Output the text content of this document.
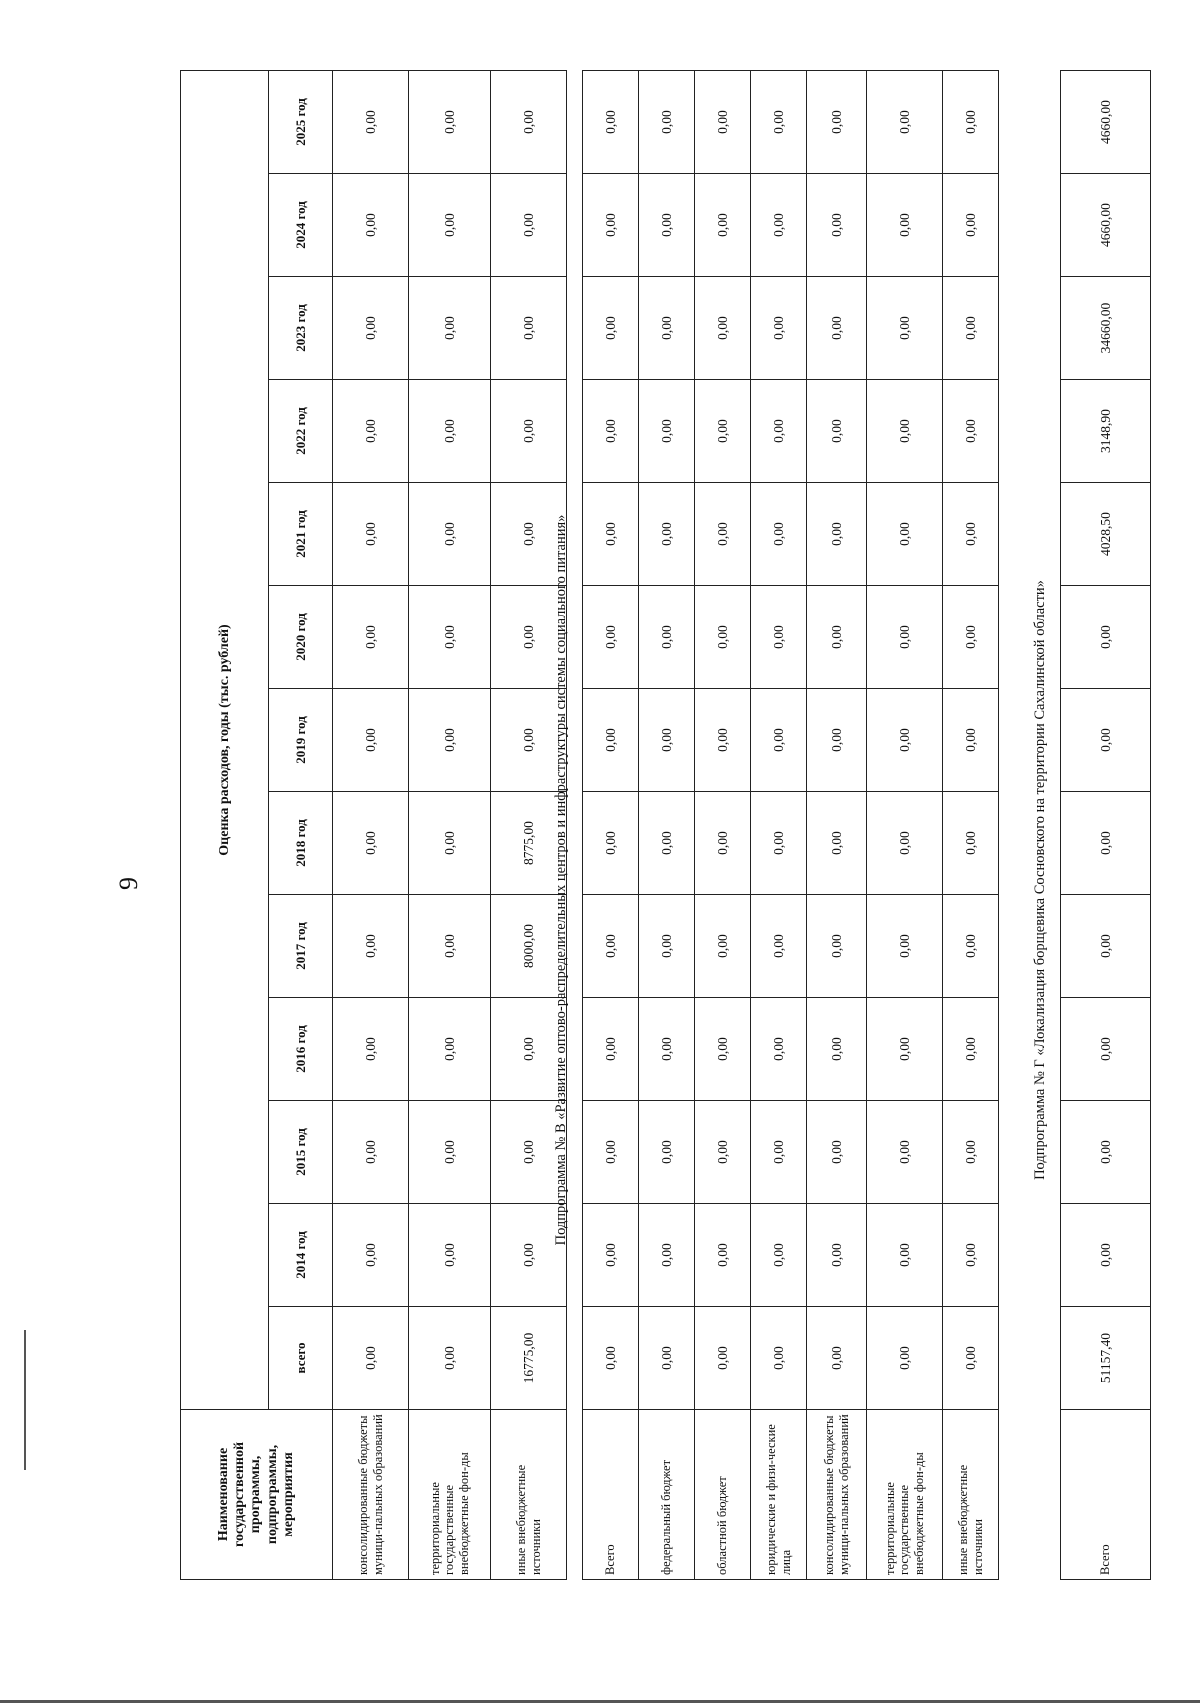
9
Наименование государственной программы, подпрограммы, мероприятия	Оценка расходов, годы (тыс. рублей)												
	всего	2014 год	2015 год	2016 год	2017 год	2018 год	2019 год	2020 год	2021 год	2022 год	2023 год	2024 год	2025 год
консолидированные бюджеты муници-пальных образований	0,00	0,00	0,00	0,00	0,00	0,00	0,00	0,00	0,00	0,00	0,00	0,00	0,00
территориальные государственные внебюджетные фон-ды	0,00	0,00	0,00	0,00	0,00	0,00	0,00	0,00	0,00	0,00	0,00	0,00	0,00
иные внебюджетные источники	16775,00	0,00	0,00	0,00	8000,00	8775,00	0,00	0,00	0,00	0,00	0,00	0,00	0,00
Подпрограмма № В «Развитие оптово-распределительных центров и инфраструктуры системы социального питания»
Всего	0,00	0,00	0,00	0,00	0,00	0,00	0,00	0,00	0,00	0,00	0,00	0,00	0,00
федеральный бюджет	0,00	0,00	0,00	0,00	0,00	0,00	0,00	0,00	0,00	0,00	0,00	0,00	0,00
областной бюджет	0,00	0,00	0,00	0,00	0,00	0,00	0,00	0,00	0,00	0,00	0,00	0,00	0,00
юридические и физи-ческие лица	0,00	0,00	0,00	0,00	0,00	0,00	0,00	0,00	0,00	0,00	0,00	0,00	0,00
консолидированные бюджеты муници-пальных образований	0,00	0,00	0,00	0,00	0,00	0,00	0,00	0,00	0,00	0,00	0,00	0,00	0,00
территориальные государственные внебюджетные фон-ды	0,00	0,00	0,00	0,00	0,00	0,00	0,00	0,00	0,00	0,00	0,00	0,00	0,00
иные внебюджетные источники	0,00	0,00	0,00	0,00	0,00	0,00	0,00	0,00	0,00	0,00	0,00	0,00	0,00
Подпрограмма № Г «Локализация борщевика Сосновского на территории Сахалинской области»
Всего	51157,40	0,00	0,00	0,00	0,00	0,00	0,00	0,00	4028,50	3148,90	34660,00	4660,00	4660,00
